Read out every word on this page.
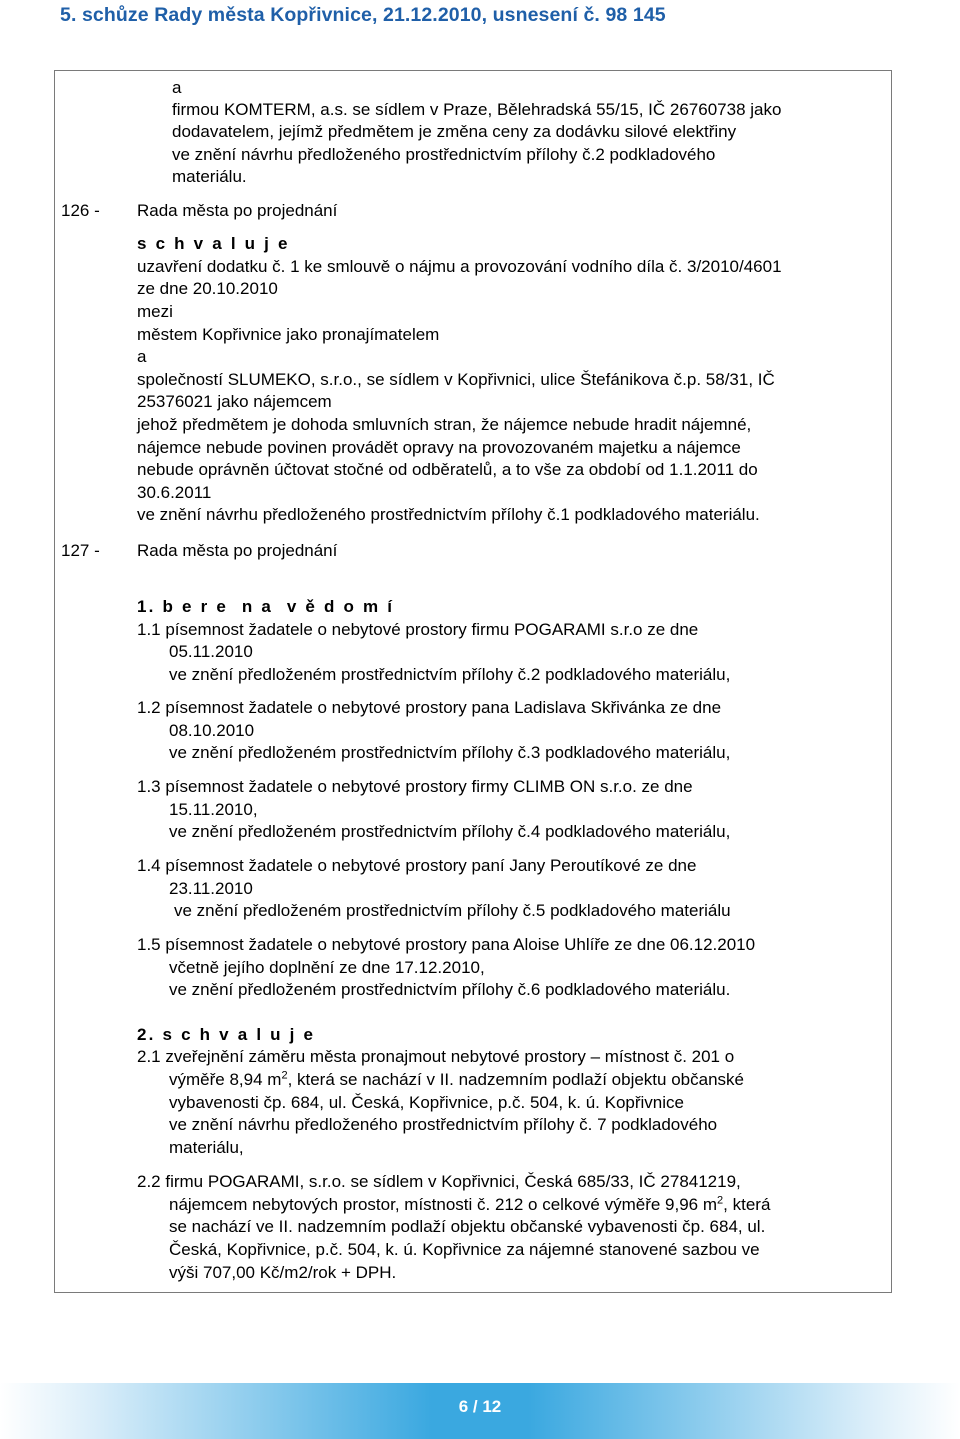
5. schůze Rady města Kopřivnice, 21.12.2010, usnesení č. 98 145
a
firmou KOMTERM, a.s. se sídlem v Praze, Bělehradská 55/15, IČ 26760738 jako
dodavatelem, jejímž předmětem je změna ceny za dodávku silové elektřiny
ve znění návrhu předloženého prostřednictvím přílohy č.2 podkladového
materiálu.
126 - Rada města po projednání
s c h v a l u j e
uzavření dodatku č. 1 ke smlouvě o nájmu a provozování vodního díla č. 3/2010/4601
ze dne 20.10.2010
mezi
městem Kopřivnice jako pronajímatelem
a
společností SLUMEKO, s.r.o., se sídlem v Kopřivnici, ulice Štefánikova č.p. 58/31, IČ
25376021 jako nájemcem
jehož předmětem je dohoda smluvních stran, že nájemce nebude hradit nájemné,
nájemce nebude povinen provádět opravy na provozovaném majetku a nájemce
nebude oprávněn účtovat stočné od odběratelů, a to vše za období od 1.1.2011 do
30.6.2011
ve znění návrhu předloženého prostřednictvím přílohy č.1 podkladového materiálu.
127 - Rada města po projednání
1. b e r e  n a  v ě d o m í
1.1 písemnost žadatele o nebytové prostory firmu POGARAMI s.r.o ze dne
05.11.2010
ve znění předloženém prostřednictvím přílohy č.2 podkladového materiálu,
1.2 písemnost žadatele o nebytové prostory pana Ladislava Skřivánka ze dne
08.10.2010
ve znění předloženém prostřednictvím přílohy č.3 podkladového materiálu,
1.3 písemnost žadatele o nebytové prostory firmy CLIMB ON s.r.o. ze dne
15.11.2010,
ve znění předloženém prostřednictvím přílohy č.4 podkladového materiálu,
1.4 písemnost žadatele o nebytové prostory paní Jany Peroutíkové ze dne
23.11.2010
ve znění předloženém prostřednictvím přílohy č.5 podkladového materiálu
1.5 písemnost žadatele o nebytové prostory pana Aloise Uhlíře ze dne 06.12.2010
včetně jejího doplnění ze dne 17.12.2010,
ve znění předloženém prostřednictvím přílohy č.6 podkladového materiálu.
2. s c h v a l u j e
2.1 zveřejnění záměru města pronajmout nebytové prostory – místnost č. 201 o
výměře 8,94 $m^2$, která se nachází v II. nadzemním podlaží objektu občanské
vybavenosti čp. 684, ul. Česká, Kopřivnice, p.č. 504, k. ú. Kopřivnice
ve znění návrhu předloženého prostřednictvím přílohy č. 7 podkladového
materiálu,
2.2 firmu POGARAMI, s.r.o. se sídlem v Kopřivnici, Česká 685/33, IČ 27841219,
nájemcem nebytových prostor, místnosti č. 212 o celkové výměře 9,96 $m^2$, která
se nachází ve II. nadzemním podlaží objektu občanské vybavenosti čp. 684, ul.
Česká, Kopřivnice, p.č. 504, k. ú. Kopřivnice za nájemné stanovené sazbou ve
výši 707,00 Kč/m2/rok + DPH.
6 / 12
